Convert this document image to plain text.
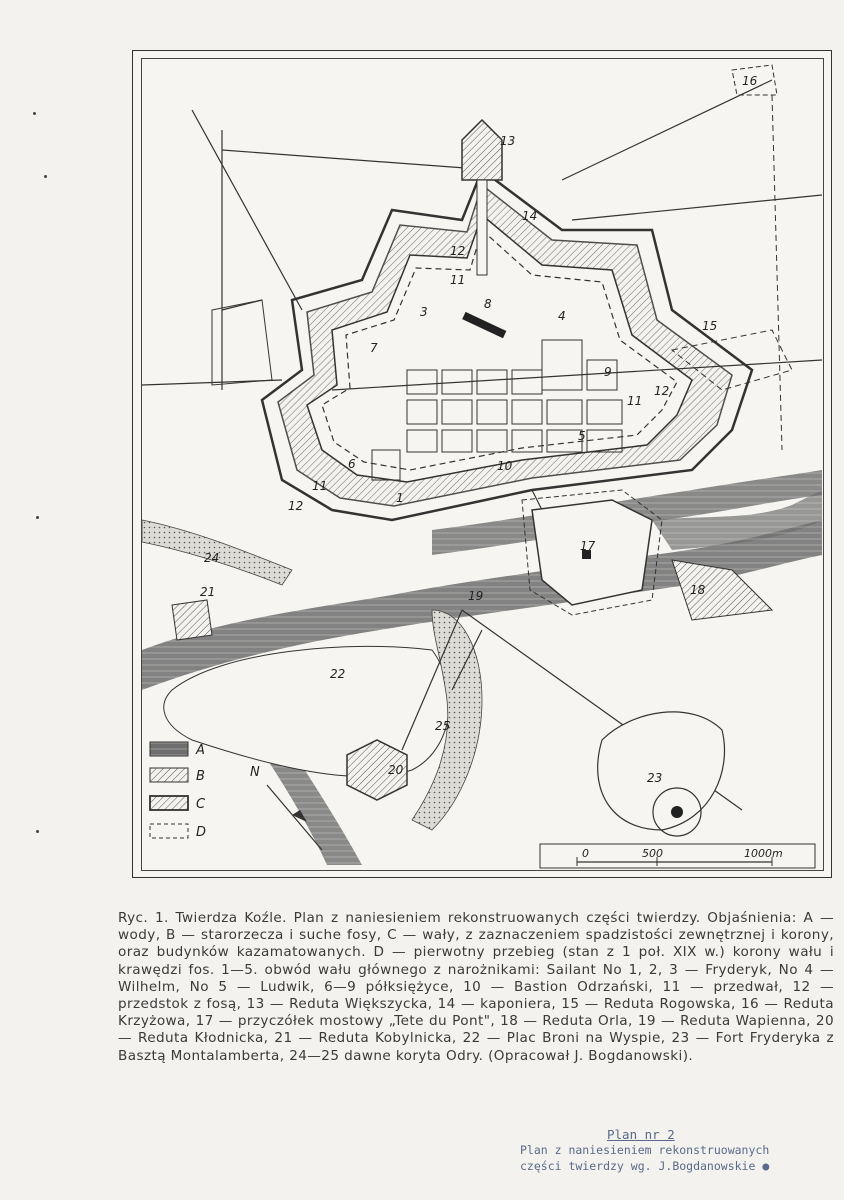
13
14
12
11
8
3	4
15
16
7
9
11
12
5
6	10
11
12
1
17
24
21	19	18
22
25
20
23
N
A
B
C
D
0	500	1000m

Ryc. 1. Twierdza Koźle. Plan z naniesieniem rekonstruowanych części twierdzy. Objaśnienia: A — wody, B — starorzecza i suche fosy, C — wały, z zaznaczeniem spadzistości zewnętrznej i korony, oraz budynków kazamatowanych. D — pierwotny przebieg (stan z 1 poł. XIX w.) korony wału i krawędzi fos. 1—5. obwód wału głównego z narożnikami: Sailant No 1, 2, 3 — Fryderyk, No 4 — Wilhelm, No 5 — Ludwik, 6—9 półksiężyce, 10 — Bastion Odrzański, 11 — przedwał, 12 — przedstok z fosą, 13 — Reduta Większycka, 14 — kaponiera, 15 — Reduta Rogowska, 16 — Reduta Krzyżowa, 17 — przyczółek mostowy „Tete du Pont", 18 — Reduta Orla, 19 — Reduta Wapienna, 20 — Reduta Kłodnicka, 21 — Reduta Kobylnicka, 22 — Plac Broni na Wyspie, 23 — Fort Fryderyka z Basztą Montalamberta, 24—25 dawne koryta Odry. (Opracował J. Bogdanowski).

Plan nr 2
Plan z naniesieniem rekonstruowanych
części twierdzy wg. J.Bogdanowskie ●
